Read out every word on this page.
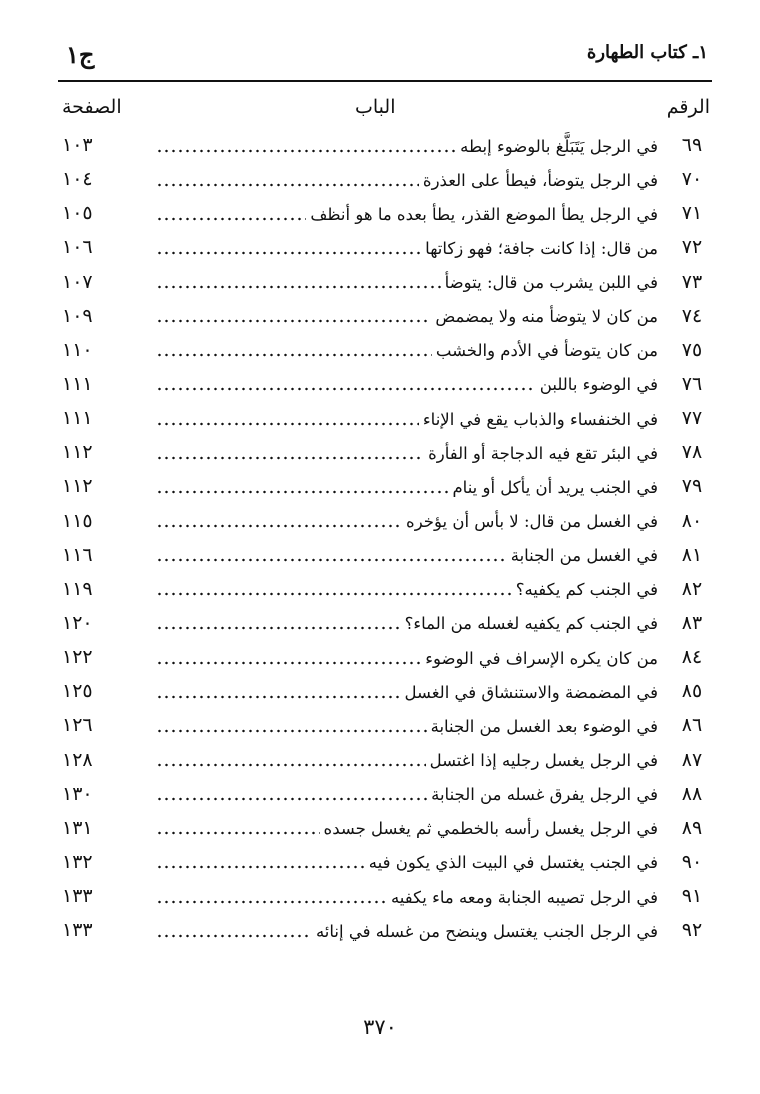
١ـ كتاب الطهارة
ج١
الرقم
الباب
الصفحة
٦٩
في الرجل يَتَبَلَّغ بالوضوء إبطه
١٠٣
٧٠
في الرجل يتوضأ، فيطأ على العذرة
١٠٤
٧١
في الرجل يطأ الموضع القذر، يطأ بعده ما هو أنظف
١٠٥
٧٢
من قال: إذا كانت جافة؛ فهو زكاتها
١٠٦
٧٣
في اللبن يشرب من قال: يتوضأ
١٠٧
٧٤
من كان لا يتوضأ منه ولا يمضمض
١٠٩
٧٥
من كان يتوضأ في الأدم والخشب
١١٠
٧٦
في الوضوء باللبن
١١١
٧٧
في الخنفساء والذباب يقع في الإناء
١١١
٧٨
في البئر تقع فيه الدجاجة أو الفأرة
١١٢
٧٩
في الجنب يريد أن يأكل أو ينام
١١٢
٨٠
في الغسل من قال: لا بأس أن يؤخره
١١٥
٨١
في الغسل من الجنابة
١١٦
٨٢
في الجنب كم يكفيه؟
١١٩
٨٣
في الجنب كم يكفيه لغسله من الماء؟
١٢٠
٨٤
من كان يكره الإسراف في الوضوء
١٢٢
٨٥
في المضمضة والاستنشاق في الغسل
١٢٥
٨٦
في الوضوء بعد الغسل من الجنابة
١٢٦
٨٧
في الرجل يغسل رجليه إذا اغتسل
١٢٨
٨٨
في الرجل يفرق غسله من الجنابة
١٣٠
٨٩
في الرجل يغسل رأسه بالخطمي ثم يغسل جسده
١٣١
٩٠
في الجنب يغتسل في البيت الذي يكون فيه
١٣٢
٩١
في الرجل تصيبه الجنابة ومعه ماء يكفيه
١٣٣
٩٢
في الرجل الجنب يغتسل وينضح من غسله في إنائه
١٣٣
٣٧٠
